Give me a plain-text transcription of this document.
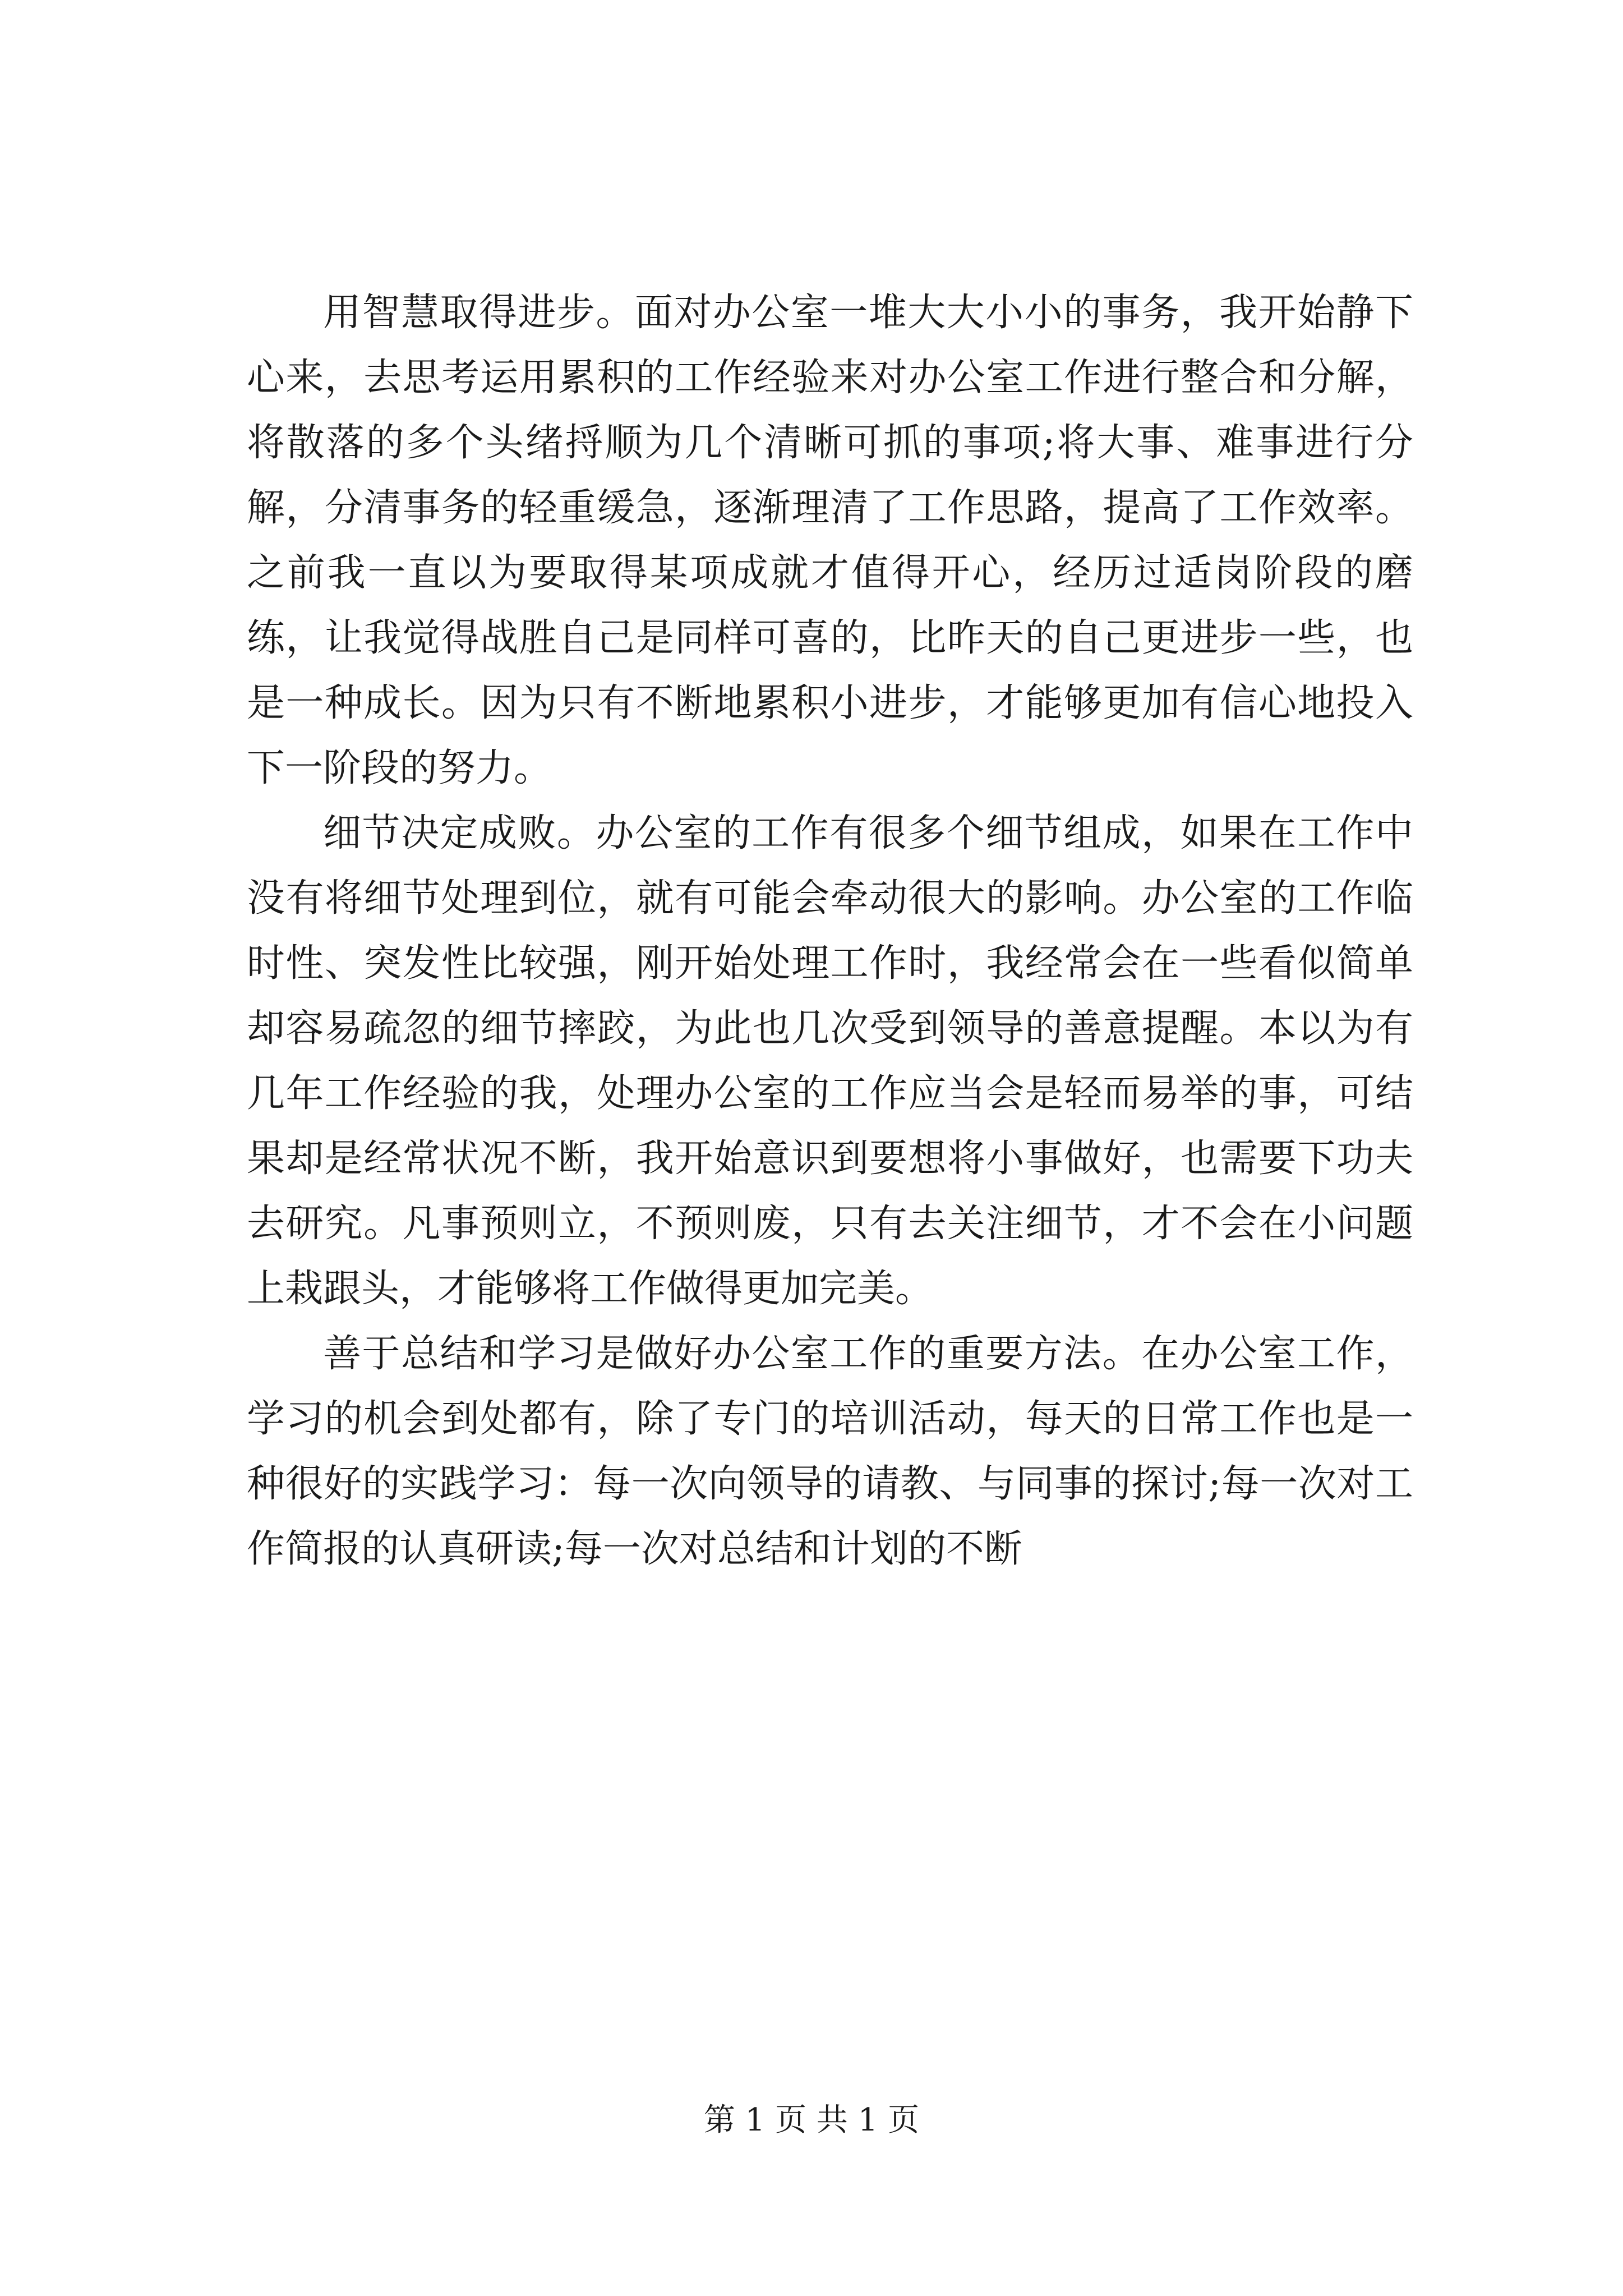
用智慧取得进步。面对办公室一堆大大小小的事务，我开始静下心来，去思考运用累积的工作经验来对办公室工作进行整合和分解，将散落的多个头绪捋顺为几个清晰可抓的事项;将大事、难事进行分解，分清事务的轻重缓急，逐渐理清了工作思路，提高了工作效率。之前我一直以为要取得某项成就才值得开心，经历过适岗阶段的磨练，让我觉得战胜自己是同样可喜的，比昨天的自己更进步一些，也是一种成长。因为只有不断地累积小进步，才能够更加有信心地投入下一阶段的努力。

细节决定成败。办公室的工作有很多个细节组成，如果在工作中没有将细节处理到位，就有可能会牵动很大的影响。办公室的工作临时性、突发性比较强，刚开始处理工作时，我经常会在一些看似简单却容易疏忽的细节摔跤，为此也几次受到领导的善意提醒。本以为有几年工作经验的我，处理办公室的工作应当会是轻而易举的事，可结果却是经常状况不断，我开始意识到要想将小事做好，也需要下功夫去研究。凡事预则立，不预则废，只有去关注细节，才不会在小问题上栽跟头，才能够将工作做得更加完美。

善于总结和学习是做好办公室工作的重要方法。在办公室工作，学习的机会到处都有，除了专门的培训活动，每天的日常工作也是一种很好的实践学习：每一次向领导的请教、与同事的探讨;每一次对工作简报的认真研读;每一次对总结和计划的不断

第 1 页 共 1 页
